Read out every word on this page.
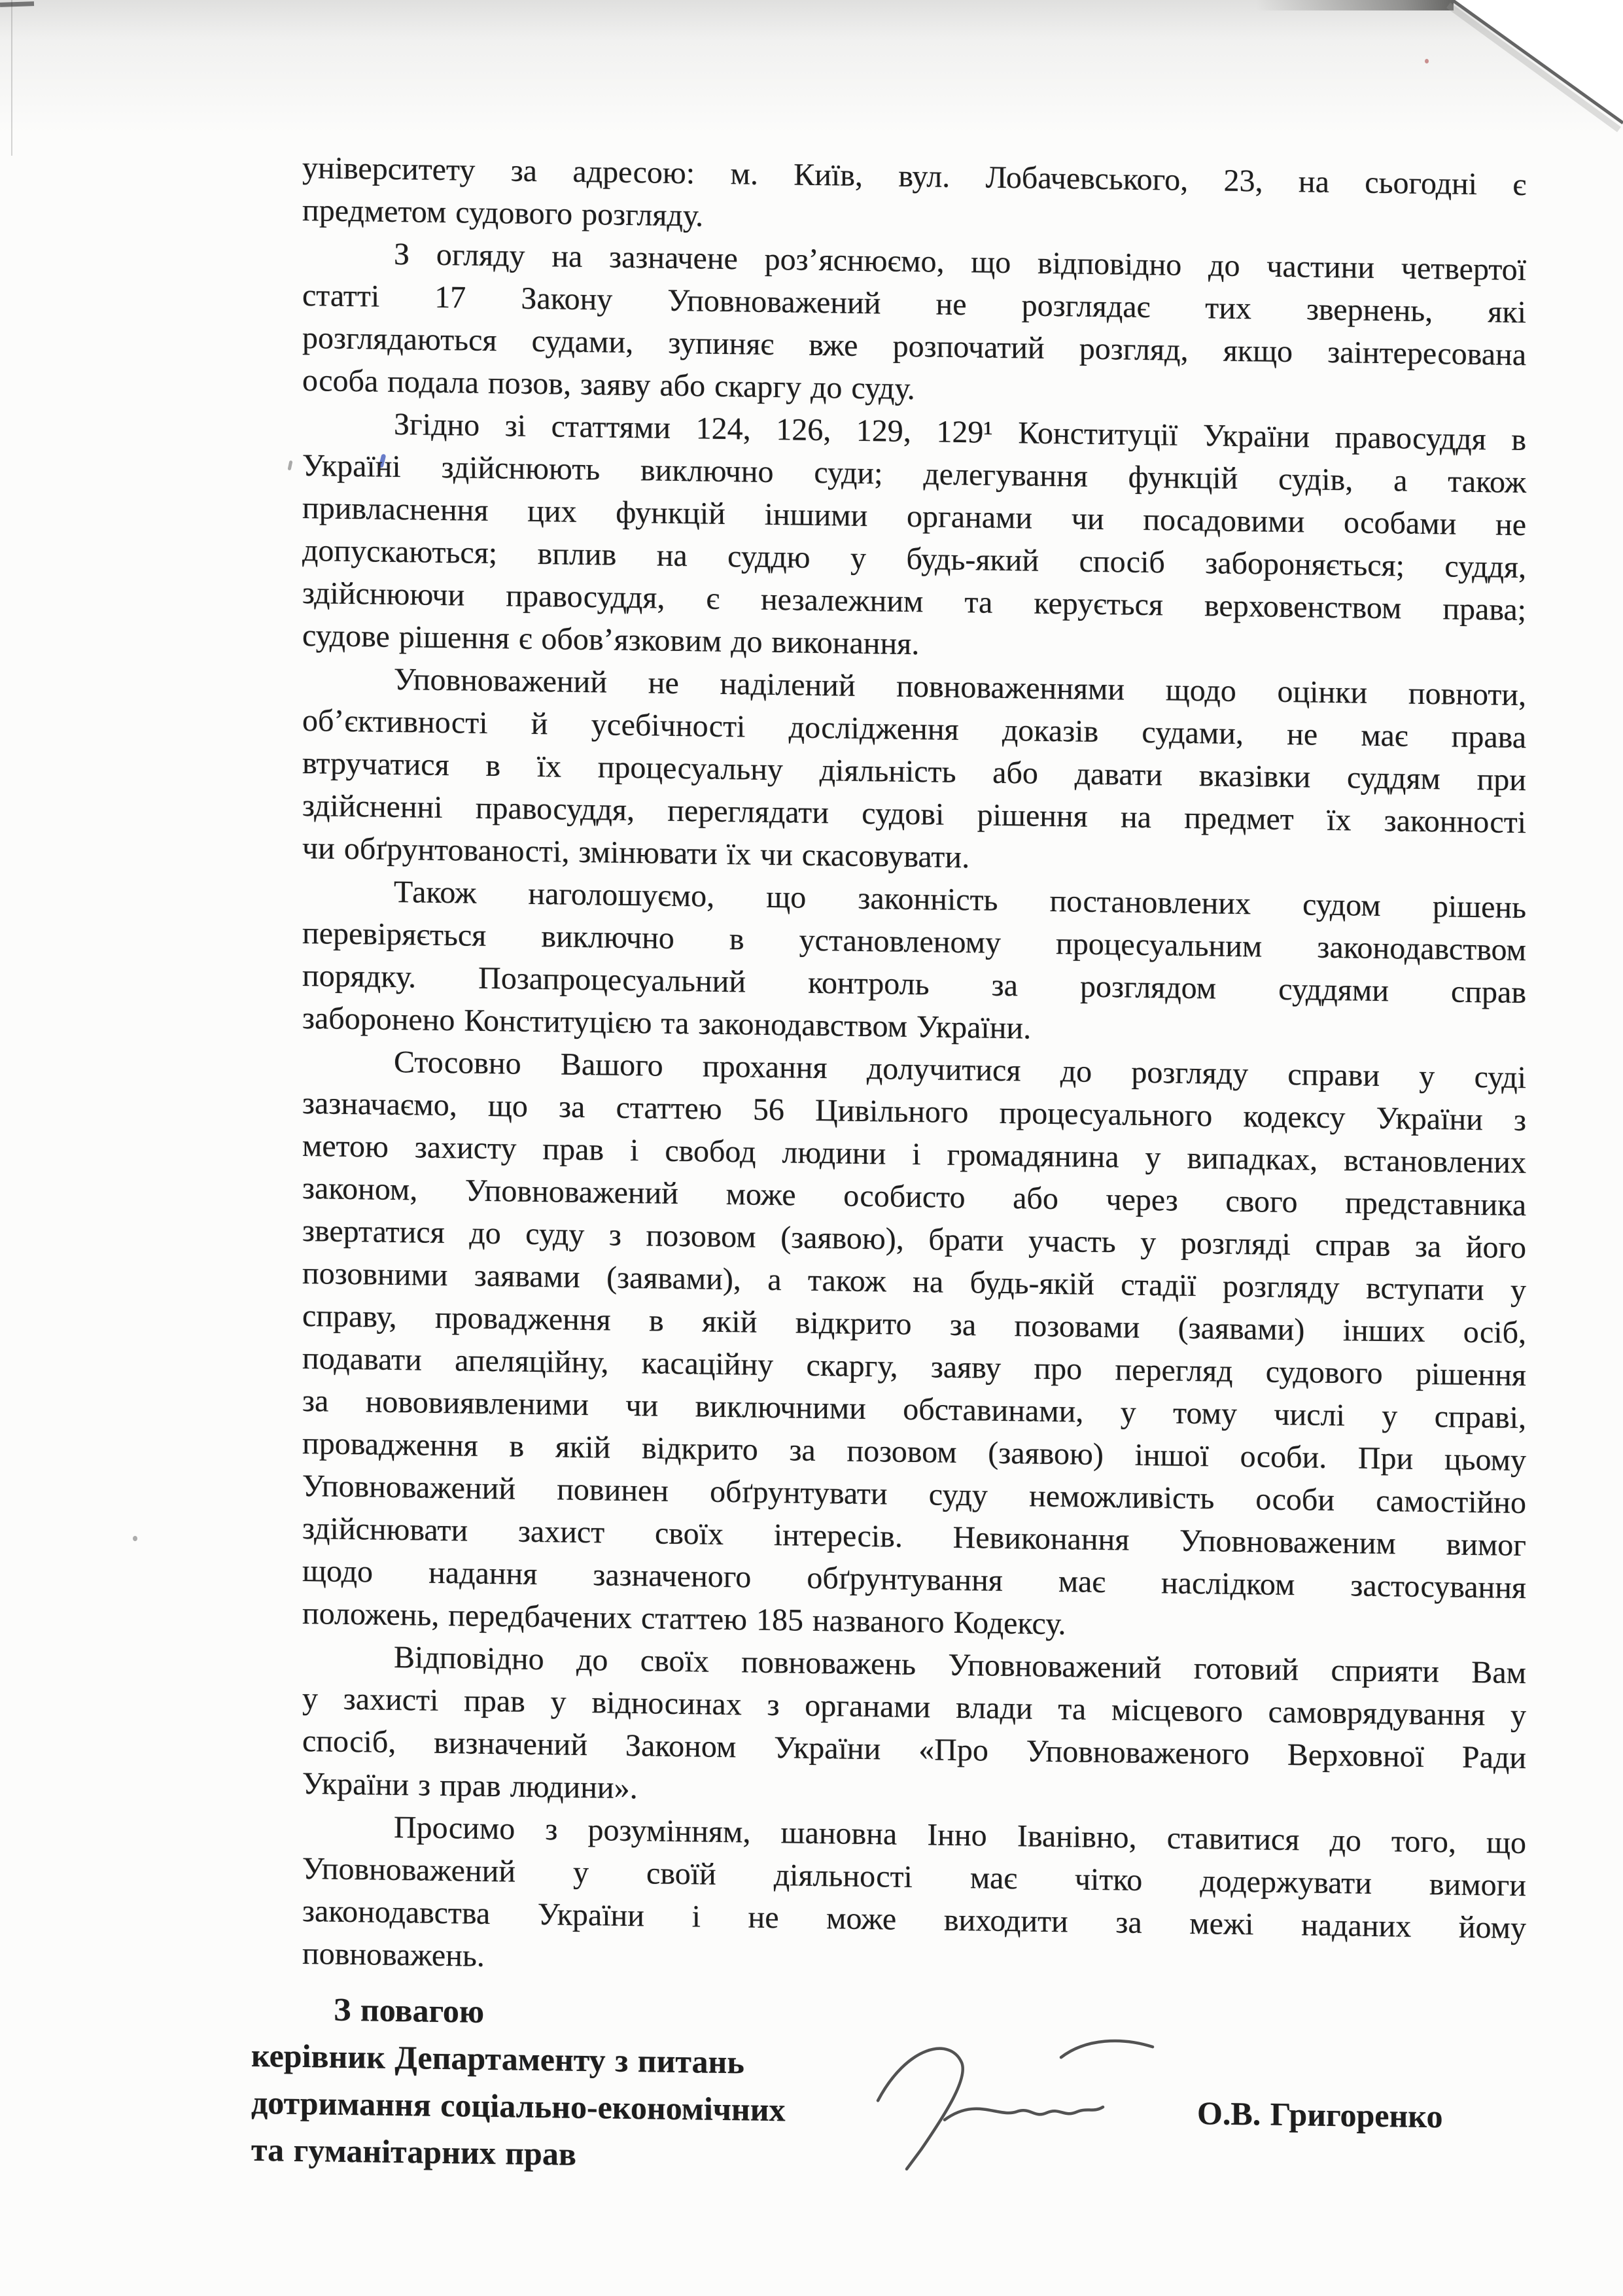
університету за адресою: м. Київ, вул. Лобачевського, 23, на сьогодні є
предметом судового розгляду.
З огляду на зазначене роз’яснюємо, що відповідно до частини четвертої
статті 17 Закону Уповноважений не розглядає тих звернень, які
розглядаються судами, зупиняє вже розпочатий розгляд, якщо заінтересована
особа подала позов, заяву або скаргу до суду.
Згідно зі статтями 124, 126, 129, 129¹ Конституції України правосуддя в
Україні здійснюють виключно суди; делегування функцій судів, а також
привласнення цих функцій іншими органами чи посадовими особами не
допускаються; вплив на суддю у будь-який спосіб забороняється; суддя,
здійснюючи правосуддя, є незалежним та керується верховенством права;
судове рішення є обов’язковим до виконання.
Уповноважений не наділений повноваженнями щодо оцінки повноти,
об’єктивності й усебічності дослідження доказів судами, не має права
втручатися в їх процесуальну діяльність або давати вказівки суддям при
здійсненні правосуддя, переглядати судові рішення на предмет їх законності
чи обґрунтованості, змінювати їх чи скасовувати.
Також наголошуємо, що законність постановлених судом рішень
перевіряється виключно в установленому процесуальним законодавством
порядку. Позапроцесуальний контроль за розглядом суддями справ
заборонено Конституцією та законодавством України.
Стосовно Вашого прохання долучитися до розгляду справи у суді
зазначаємо, що за статтею 56 Цивільного процесуального кодексу України з
метою захисту прав і свобод людини і громадянина у випадках, встановлених
законом, Уповноважений може особисто або через свого представника
звертатися до суду з позовом (заявою), брати участь у розгляді справ за його
позовними заявами (заявами), а також на будь-якій стадії розгляду вступати у
справу, провадження в якій відкрито за позовами (заявами) інших осіб,
подавати апеляційну, касаційну скаргу, заяву про перегляд судового рішення
за нововиявленими чи виключними обставинами, у тому числі у справі,
провадження в якій відкрито за позовом (заявою) іншої особи. При цьому
Уповноважений повинен обґрунтувати суду неможливість особи самостійно
здійснювати захист своїх інтересів. Невиконання Уповноваженим вимог
щодо надання зазначеного обґрунтування має наслідком застосування
положень, передбачених статтею 185 названого Кодексу.
Відповідно до своїх повноважень Уповноважений готовий сприяти Вам
у захисті прав у відносинах з органами влади та місцевого самоврядування у
спосіб, визначений Законом України «Про Уповноваженого Верховної Ради
України з прав людини».
Просимо з розумінням, шановна Інно Іванівно, ставитися до того, що
Уповноважений у своїй діяльності має чітко додержувати вимоги
законодавства України і не може виходити за межі наданих йому
повноважень.
З повагою
керівник Департаменту з питань
дотримання соціально-економічних
та гуманітарних прав
О.В. Григоренко
